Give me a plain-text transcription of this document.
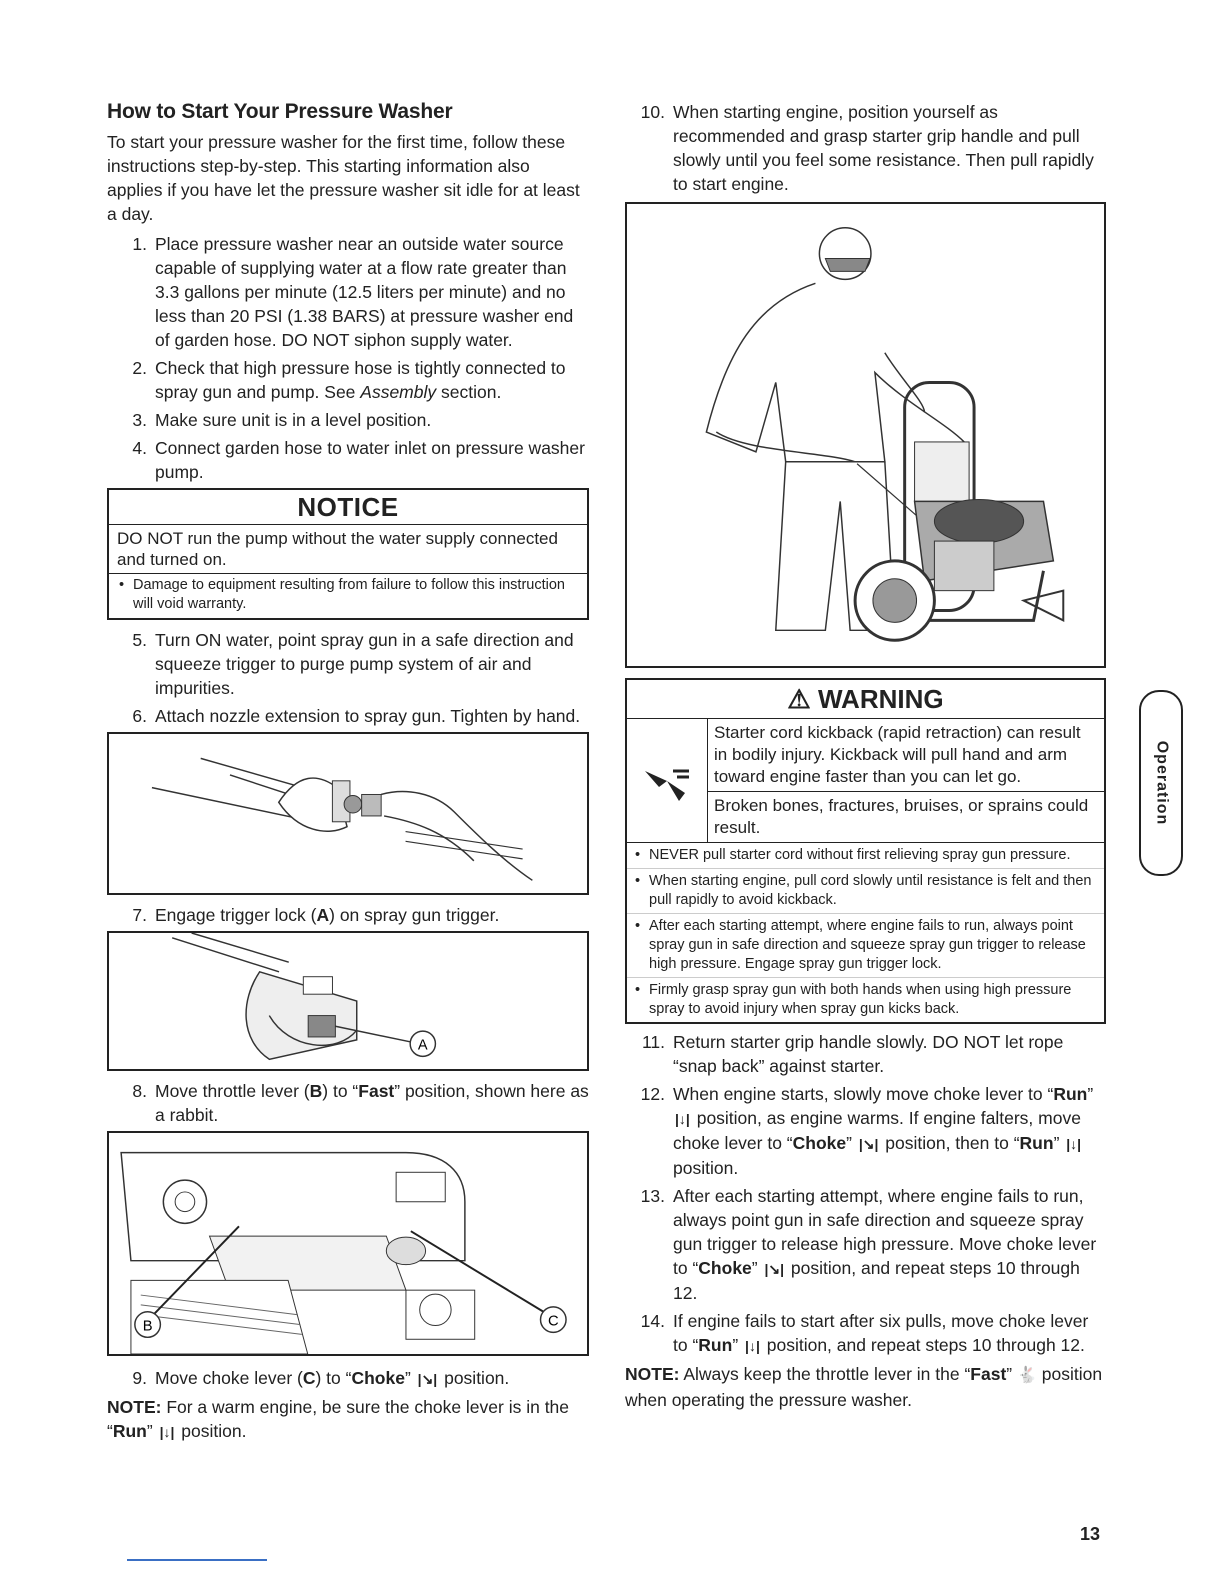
How to Start Your Pressure Washer

To start your pressure washer for the first time, follow these instructions step-by-step. This starting information also applies if you have let the pressure washer sit idle for at least a day.

1. Place pressure washer near an outside water source capable of supplying water at a flow rate greater than 3.3 gallons per minute (12.5 liters per minute) and no less than 20 PSI (1.38 BARS) at pressure washer end of garden hose. DO NOT siphon supply water.
2. Check that high pressure hose is tightly connected to spray gun and pump. See Assembly section.
3. Make sure unit is in a level position.
4. Connect garden hose to water inlet on pressure washer pump.
NOTICE
DO NOT run the pump without the water supply connected and turned on.
• Damage to equipment resulting from failure to follow this instruction will void warranty.
5. Turn ON water, point spray gun in a safe direction and squeeze trigger to purge pump system of air and impurities.
6. Attach nozzle extension to spray gun. Tighten by hand.
7. Engage trigger lock (A) on spray gun trigger.
A
8. Move throttle lever (B) to “Fast” position, shown here as a rabbit.
B	C
9. Move choke lever (C) to “Choke” |↘| position.

NOTE: For a warm engine, be sure the choke lever is in the “Run” |↓| position.

10. When starting engine, position yourself as recommended and grasp starter grip handle and pull slowly until you feel some resistance. Then pull rapidly to start engine.
⚠ WARNING

Starter cord kickback (rapid retraction) can result in bodily injury. Kickback will pull hand and arm toward engine faster than you can let go.

Broken bones, fractures, bruises, or sprains could result.

• NEVER pull starter cord without first relieving spray gun pressure.
• When starting engine, pull cord slowly until resistance is felt and then pull rapidly to avoid kickback.
• After each starting attempt, where engine fails to run, always point spray gun in safe direction and squeeze spray gun trigger to release high pressure. Engage spray gun trigger lock.
• Firmly grasp spray gun with both hands when using high pressure spray to avoid injury when spray gun kicks back.
11. Return starter grip handle slowly. DO NOT let rope “snap back” against starter.
12. When engine starts, slowly move choke lever to “Run” |↓| position, as engine warms. If engine falters, move choke lever to “Choke” |↘| position, then to “Run” |↓| position.
13. After each starting attempt, where engine fails to run, always point gun in safe direction and squeeze spray gun trigger to release high pressure. Move choke lever to “Choke” |↘| position, and repeat steps 10 through 12.
14. If engine fails to start after six pulls, move choke lever to “Run” |↓| position, and repeat steps 10 through 12.

NOTE: Always keep the throttle lever in the “Fast” 🐇 position when operating the pressure washer.

Operation
13
